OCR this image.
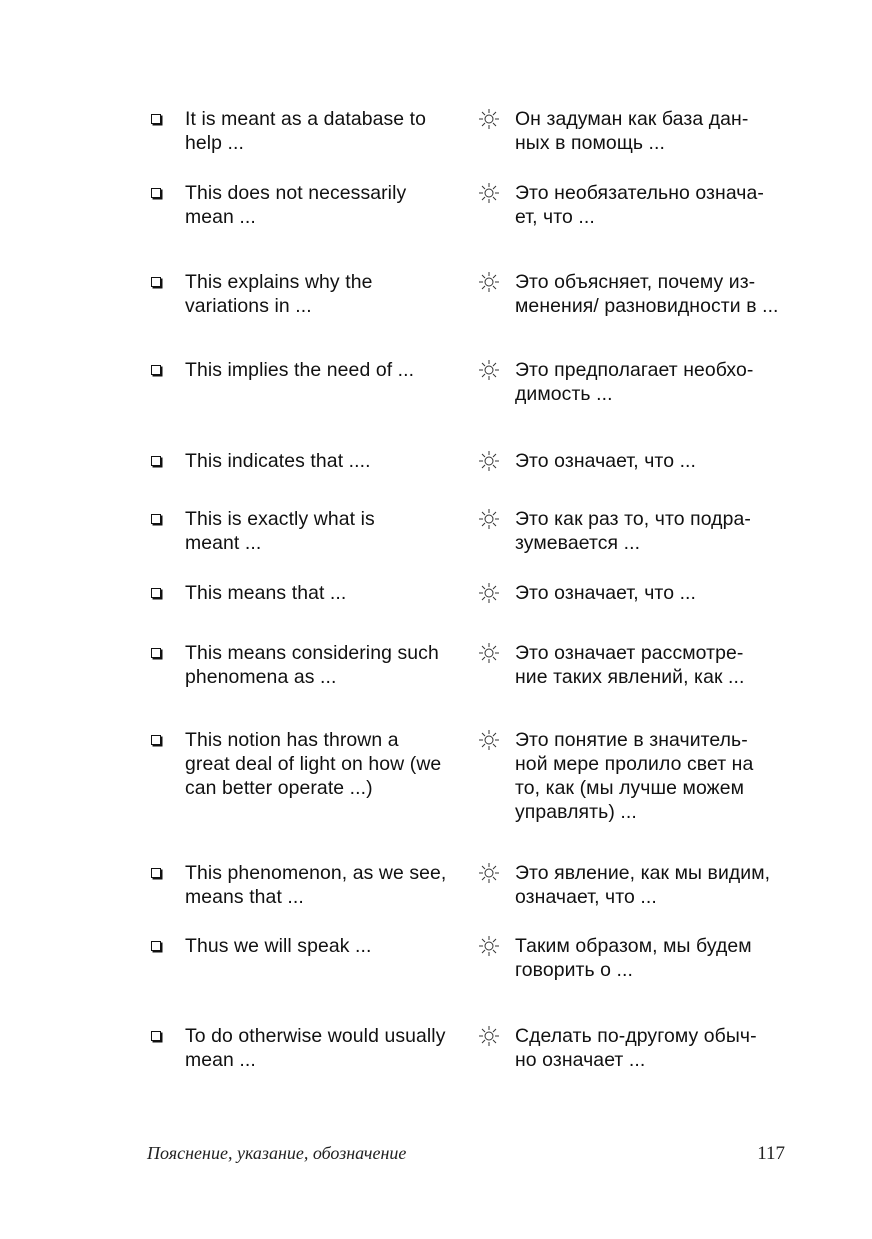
It is meant as a database to
help ...
Он задуман как база дан-
ных в помощь ...
This does not necessarily
mean ...
Это необязательно означа-
ет, что ...
This explains why the
variations in ...
Это объясняет, почему из-
менения/ разновидности в ...
This implies the need of ...	Это предполагает необхо-
димость ...
This indicates that ....	Это означает, что ...
This is exactly what is
meant ...
Это как раз то, что подра-
зумевается ...
This means that ...	Это означает, что ...
This means considering such
phenomena as ...
Это означает рассмотре-
ние таких явлений, как ...
This notion has thrown a
great deal of light on how (we
can better operate ...)
Это понятие в значитель-
ной мере пролило свет на
то, как (мы лучше можем
управлять) ...
This phenomenon, as we see,
means that ...
Это явление, как мы видим,
означает, что ...
Thus we will speak ...	Таким образом, мы будем
говорить о ...
To do otherwise would usually
mean ...
Сделать по-другому обыч-
но означает ...
Пояснение, указание, обозначение	117
